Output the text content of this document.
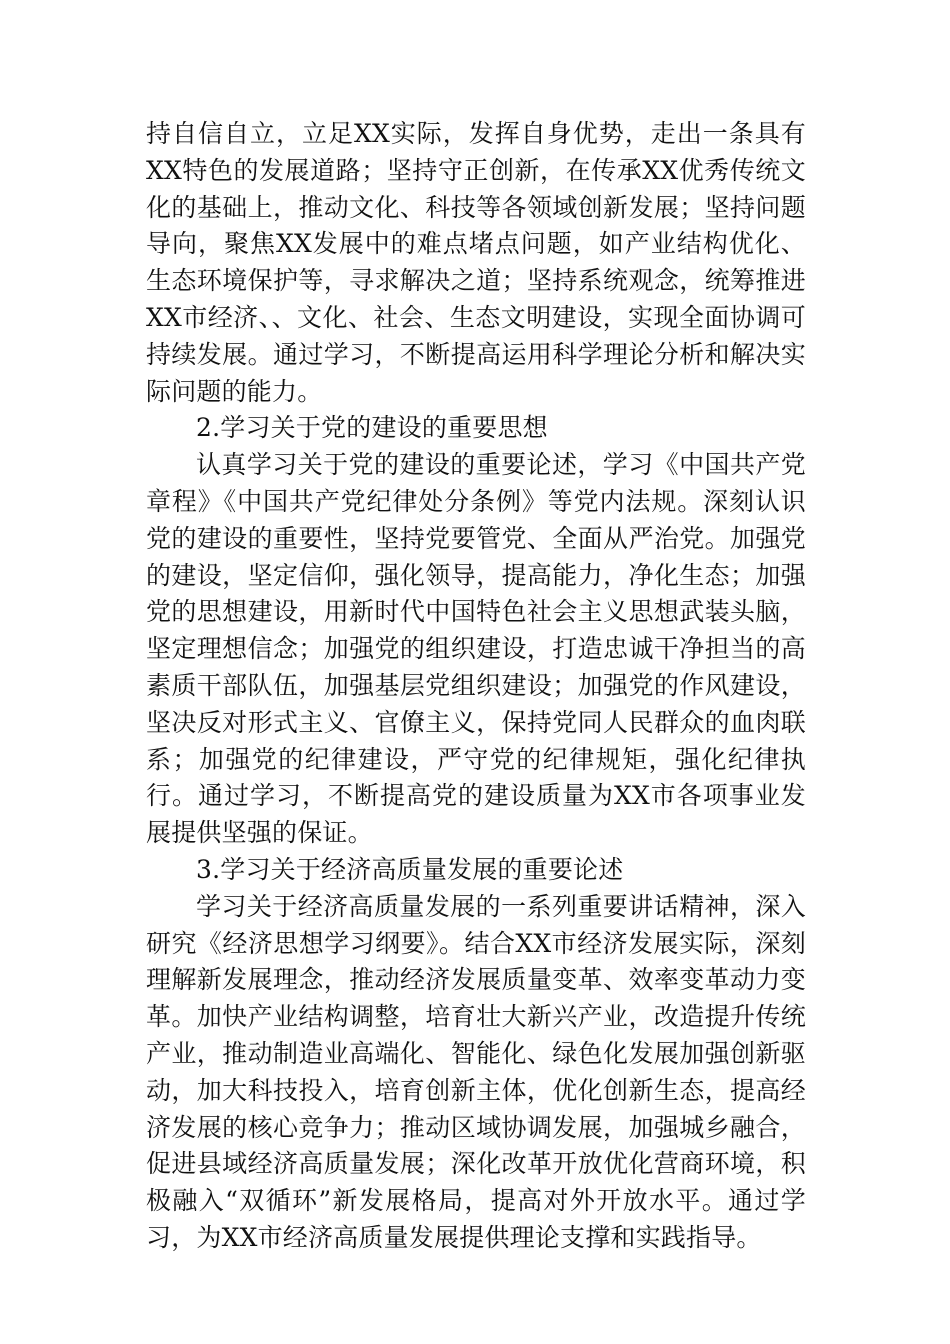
持自信自立，立足XX实际，发挥自身优势，走出一条具有XX特色的发展道路；坚持守正创新，在传承XX优秀传统文化的基础上，推动文化、科技等各领域创新发展；坚持问题导向，聚焦XX发展中的难点堵点问题，如产业结构优化、生态环境保护等，寻求解决之道；坚持系统观念，统筹推进XX市经济、、文化、社会、生态文明建设，实现全面协调可持续发展。通过学习，不断提高运用科学理论分析和解决实际问题的能力。

2.学习关于党的建设的重要思想

认真学习关于党的建设的重要论述，学习《中国共产党章程》《中国共产党纪律处分条例》等党内法规。深刻认识党的建设的重要性，坚持党要管党、全面从严治党。加强党的建设，坚定信仰，强化领导，提高能力，净化生态；加强党的思想建设，用新时代中国特色社会主义思想武装头脑，坚定理想信念；加强党的组织建设，打造忠诚干净担当的高素质干部队伍，加强基层党组织建设；加强党的作风建设，坚决反对形式主义、官僚主义，保持党同人民群众的血肉联系；加强党的纪律建设，严守党的纪律规矩，强化纪律执行。通过学习，不断提高党的建设质量为XX市各项事业发展提供坚强的保证。

3.学习关于经济高质量发展的重要论述

学习关于经济高质量发展的一系列重要讲话精神，深入研究《经济思想学习纲要》。结合XX市经济发展实际，深刻理解新发展理念，推动经济发展质量变革、效率变革动力变革。加快产业结构调整，培育壮大新兴产业，改造提升传统产业，推动制造业高端化、智能化、绿色化发展加强创新驱动，加大科技投入，培育创新主体，优化创新生态，提高经济发展的核心竞争力；推动区域协调发展，加强城乡融合，促进县域经济高质量发展；深化改革开放优化营商环境，积极融入“双循环”新发展格局，提高对外开放水平。通过学习，为XX市经济高质量发展提供理论支撑和实践指导。
